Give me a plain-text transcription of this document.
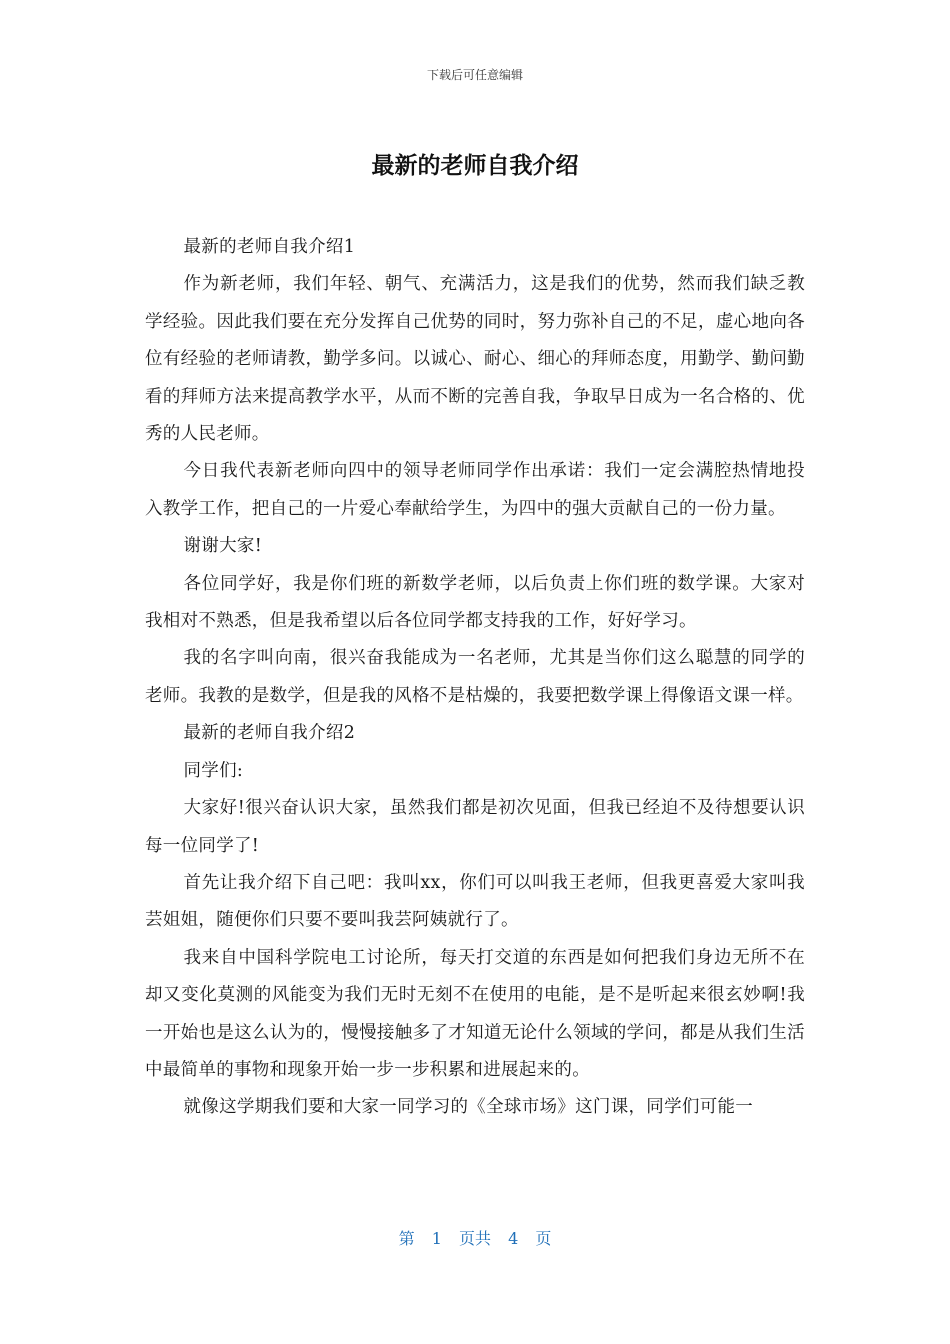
下载后可任意编辑
最新的老师自我介绍

最新的老师自我介绍1

作为新老师，我们年轻、朝气、充满活力，这是我们的优势，然而我们缺乏教学经验。因此我们要在充分发挥自己优势的同时，努力弥补自己的不足，虚心地向各位有经验的老师请教，勤学多问。以诚心、耐心、细心的拜师态度，用勤学、勤问勤看的拜师方法来提高教学水平，从而不断的完善自我，争取早日成为一名合格的、优秀的人民老师。

今日我代表新老师向四中的领导老师同学作出承诺：我们一定会满腔热情地投入教学工作，把自己的一片爱心奉献给学生，为四中的强大贡献自己的一份力量。

谢谢大家!

各位同学好，我是你们班的新数学老师，以后负责上你们班的数学课。大家对我相对不熟悉，但是我希望以后各位同学都支持我的工作，好好学习。

我的名字叫向南，很兴奋我能成为一名老师，尤其是当你们这么聪慧的同学的老师。我教的是数学，但是我的风格不是枯燥的，我要把数学课上得像语文课一样。

最新的老师自我介绍2

同学们:

大家好!很兴奋认识大家，虽然我们都是初次见面，但我已经迫不及待想要认识每一位同学了!

首先让我介绍下自己吧：我叫xx，你们可以叫我王老师，但我更喜爱大家叫我芸姐姐，随便你们只要不要叫我芸阿姨就行了。

我来自中国科学院电工讨论所，每天打交道的东西是如何把我们身边无所不在却又变化莫测的风能变为我们无时无刻不在使用的电能，是不是听起来很玄妙啊!我一开始也是这么认为的，慢慢接触多了才知道无论什么领域的学问，都是从我们生活中最简单的事物和现象开始一步一步积累和进展起来的。

就像这学期我们要和大家一同学习的《全球市场》这门课，同学们可能一

第 1 页共 4 页
